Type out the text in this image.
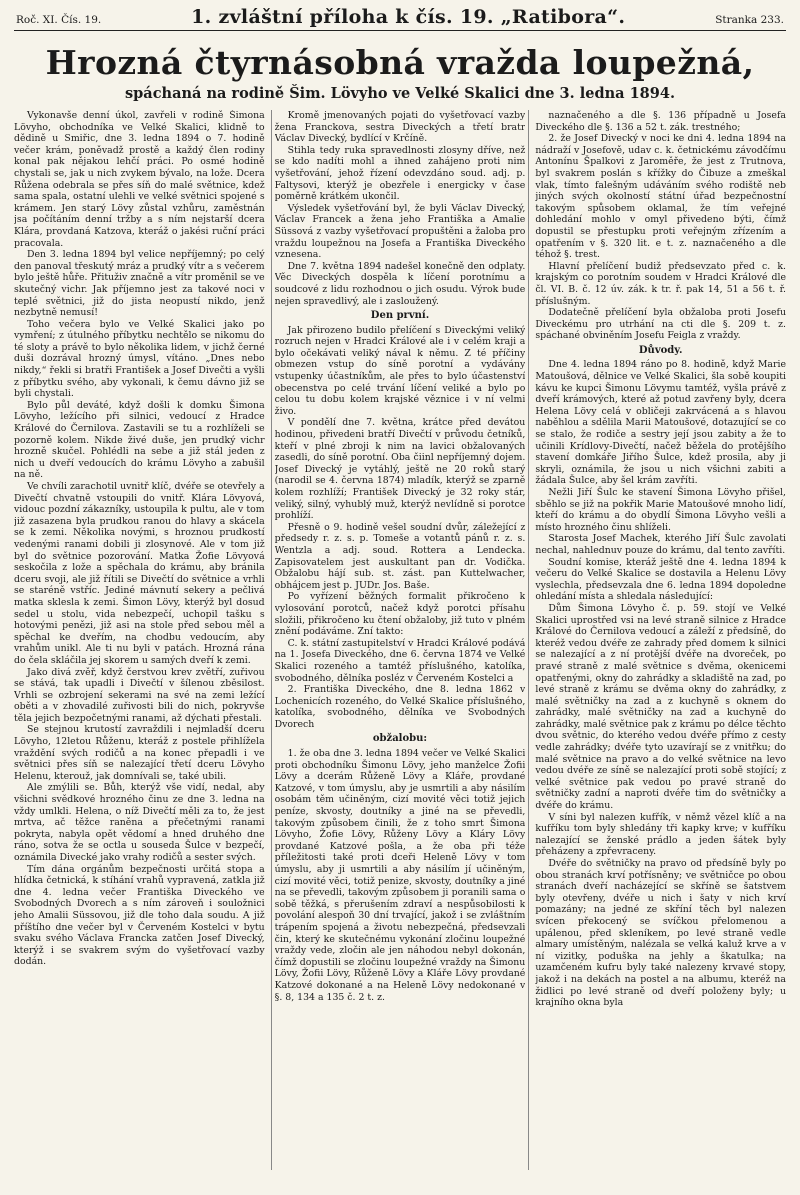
Roč. XI. Čís. 19.	1. zvláštní příloha k čís. 19. „Ratibora“.	Stranka 233.
Hrozná čtyrnásobná vražda loupežná,
spáchaná na rodině Šim. Lövyho ve Velké Skalici dne 3. ledna 1894.

Vykonavše denní úkol, zavřeli v rodině Šimona Lövyho, obchodníka ve Velké Skalici, klidně to dědině u Smiřic, dne 3. ledna 1894 o 7. hodině večer krám, poněvadž prostě a každý člen rodiny konal pak nějakou lehčí práci. Po osmé hodině chystali se, jak u nich zvykem bývalo, na lože. Dcera Růžena odebrala se přes síň do malé světnice, kdež sama spala, ostatní ulehli ve velké světnici spojené s krámem. Jen starý Lövy zůstal vzhůru, zaměstnán jsa počítáním denní tržby a s ním nejstarší dcera Klára, provdaná Katzova, kteráž o jakési ruční práci pracovala.

Den 3. ledna 1894 byl velice nepříjemný; po celý den panoval třeskutý mráz a prudký vítr a s večerem bylo ještě hůře. Přituživ značně a vítr proměnil se ve skutečný vichr. Jak příjemno jest za takové noci v teplé světnici, již do jista neopustí nikdo, jenž nezbytně nemusí!

Toho večera bylo ve Velké Skalici jako po vymření; z útulného příbytku nechtělo se nikomu do té sloty a právě to bylo několika lidem, v jichž černé duši dozrával hrozný úmysl, vítáno. „Dnes nebo nikdy,“ řekli si bratři František a Josef Divečti a vyšli z příbytku svého, aby vykonali, k čemu dávno již se byli chystali.

Bylo půl deváté, když došli k domku Šimona Lövyho, ležícího při silnici, vedoucí z Hradce Králové do Černilova. Zastavili se tu a rozhlíželi se pozorně kolem. Nikde živé duše, jen prudký vichr hrozně skučel. Pohlédli na sebe a již stál jeden z nich u dveří vedoucích do krámu Lövyho a zabušil na ně.

Ve chvíli zarachotil uvnitř klíč, dvéře se otevřely a Divečtí chvatně vstoupili do vnitř. Klára Lövyová, vidouc pozdní zákazníky, ustoupila k pultu, ale v tom již zasazena byla prudkou ranou do hlavy a skácela se k zemi. Několika novými, s hroznou prudkostí vedenými ranami dobili ji zlosynové. Ale v tom již byl do světnice pozorování. Matka Žofie Lövyová seskočila z lože a spěchala do krámu, aby bránila dceru svoji, ale již řítili se Divečtí do světnice a vrhli se staréně vstříc. Jediné mávnutí sekery a pečlivá matka sklesla k zemi. Šimon Lövy, kterýž byl dosud sedel u stolu, vida nebezpečí, uchopil tašku s hotovými penězi, již asi na stole před sebou měl a spěchal ke dveřím, na chodbu vedoucím, aby vrahům unikl. Ale ti nu byli v patách. Hrozná rána do čela skláčila jej skorem u samých dveří k zemi.

Jako divá zvěř, když čerstvou krev zvětří, zuřivou se stává, tak upadli i Divečtí v šílenou zběsilost. Vrhli se ozbrojení sekerami na své na zemi ležící oběti a v zhovadilé zuřivosti bili do nich, pokryvše těla jejich bezpočetnými ranami, až dýchati přestali.

Se stejnou krutostí zavraždili i nejmladší dceru Lövyho, 12letou Růženu, kteráž z postele přihlížela vraždění svých rodičů a na konec přepadli i ve světnici přes síň se nalezající třetí dceru Lövyho Helenu, kterouž, jak domnívali se, také ubili.

Ale zmýlili se. Bůh, kterýž vše vidí, nedal, aby všichni svědkové hrozného činu ze dne 3. ledna na vždy umlkli. Helena, o níž Divečtí měli za to, že jest mrtva, ač těžce raněna a přečetnými ranami pokryta, nabyla opět vědomí a hned druhého dne ráno, sotva že se octla u souseda Šulce v bezpečí, oznámila Divecké jako vrahy rodičů a sester svých.

Tím dána orgánům bezpečnosti určitá stopa a hlídka četnická, k stíhání vrahů vypravená, zatkla již dne 4. ledna večer Františka Diveckého ve Svobodných Dvorech a s ním zároveň i souložnici jeho Amalii Süssovou, již dle toho dala soudu. A již příštího dne večer byl v Červeném Kostelci v bytu svaku svého Václava Francka zatčen Josef Divecký, kterýž i se svakrem svým do vyšetřovací vazby dodán.

Kromě jmenovaných pojati do vyšetřovací vazby žena Franckova, sestra Diveckých a třetí bratr Václav Divecký, bydlící v Krčíně.

Stihla tedy ruka spravedlnosti zlosyny dříve, než se kdo nadíti mohl a ihned zahájeno proti nim vyšetřování, jehož řízení odevzdáno soud. adj. p. Faltysovi, kterýž je obezřele i energicky v čase poměrně krátkém ukončil.

Výsledek vyšetřování byl, že byli Václav Divecký, Václav Francek a žena jeho Františka a Amalie Süssová z vazby vyšetřovací propuštěni a žaloba pro vraždu loupežnou na Josefa a Františka Diveckého vznesena.

Dne 7. května 1894 nadešel konečně den odplaty. Věc Diveckých dospěla k líčení porotnímu a soudcové z lidu rozhodnou o jich osudu. Výrok bude nejen spravedlivý, ale i zasloužený.

Den první.

Jak přirozeno budilo přelíčení s Diveckými veliký rozruch nejen v Hradci Králové ale i v celém kraji a bylo očekávati veliký nával k němu. Z té příčiny obmezen vstup do síně porotní a vydávány vstupenky účastníkům, ale přes to bylo účastenství obecenstva po celé trvání líčení veliké a bylo po celou tu dobu kolem krajské věznice i v ní velmi živo.

V pondělí dne 7. května, krátce před devátou hodinou, přivedeni bratří Divečtí v průvodu četníků, kteří v plné zbroji k nim na lavici obžalovaných zasedli, do síně porotní. Oba čiinl nepříjemný dojem. Josef Divecký je vytáhlý, ještě ne 20 roků starý (narodil se 4. června 1874) mladík, kterýž se zparně kolem rozhlíží; František Divecký je 32 roky stár, veliký, silný, vyhublý muž, kterýž nevlídně si porotce prohlíží.

Přesně o 9. hodině vešel soudní dvůr, záležející z předsedy r. z. s. p. Tomeše a votantů pánů r. z. s. Wentzla a adj. soud. Rottera a Lendecka. Zapisovatelem jest auskultant pan dr. Vodička. Obžalobu hájí sub. st. zást. pan Kuttelwacher, obhájcem jest p. JUDr. Jos. Baše.

Po vyřízení běžných formalit přikročeno k vylosování porotců, načež když porotci přísahu složili, přikročeno ku čtení obžaloby, již tuto v plném znění podáváme. Zní takto:

C. k. státní zastupitelství v Hradci Králové podává na 1. Josefa Diveckého, dne 6. června 1874 ve Velké Skalici rozeného a tamtéž příslušného, katolíka, svobodného, dělníka posléz v Červeném Kostelci a

2. Františka Diveckého, dne 8. ledna 1862 v Lochenicích rozeného, do Velké Skalice příslušného, katolíka, svobodného, dělníka ve Svobodných Dvorech

obžalobu:

1. že oba dne 3. ledna 1894 večer ve Velké Skalici proti obchodníku Šimonu Lövy, jeho manželce Žofii Lövy a dcerám Růženě Lövy a Kláře, provdané Katzové, v tom úmyslu, aby je usmrtili a aby násilím osobám těm učiněným, cizí movité věci totiž jejich peníze, skvosty, doutníky a jiné na se převedli, takovým způsobem činili, že z toho smrt Šimona Lövyho, Žofie Lövy, Růženy Lövy a Kláry Lövy provdané Katzové pošla, a že oba při téže příležitosti také proti dceři Heleně Lövy v tom úmyslu, aby ji usmrtili a aby násilím jí učiněným, cizí movité věci, totiž penize, skvosty, doutníky a jiné na se převedli, takovým způsobem ji poranili sama o sobě těžká, s přerušením zdraví a nespůsobilosti k povolání alespoň 30 dní trvající, jakož i se zvláštním trápením spojená a životu nebezpečná, předsevzali čin, který ke skutečnému vykonání zločinu loupežné vraždy vede, zločin ale jen náhodou nebyl dokonán, čímž dopustili se zločinu loupežné vraždy na Šimonu Lövy, Žofii Lövy, Růženě Lövy a Kláře Lövy provdané Katzové dokonané a na Heleně Lövy nedokonané v §. 8, 134 a 135 č. 2 t. z.

naznačeného a dle §. 136 případně u Josefa Diveckého dle §. 136 a 52 t. zák. trestného;

2. že Josef Divecký v noci ke dni 4. ledna 1894 na nádraží v Josefově, udav c. k. četnickému závodčímu Antonínu Špalkovi z Jaroměře, že jest z Trutnova, byl svakrem poslán s křížky do Čibuze a zmeškal vlak, tímto falešným udáváním svého rodiště neb jiných svých okolností státní úřad bezpečnostní takovým spůsobem oklamal, že tím veřejné dohledání mohlo v omyl přivedeno býti, čímž dopustil se přestupku proti veřejným zřízením a opatřením v §. 320 lit. e t. z. naznačeného a dle téhož §. trest.

Hlavní přelíčení budiž předsevzato před c. k. krajským co porotním soudem v Hradci Králové dle čl. VI. B. č. 12 úv. zák. k tr. ř. pak 14, 51 a 56 t. ř. příslušným.

Dodatečně přelíčení byla obžaloba proti Josefu Diveckému pro utrhání na cti dle §. 209 t. z. spáchané obviněním Josefu Feigla z vraždy.

Důvody.

Dne 4. ledna 1894 ráno po 8. hodině, když Marie Matoušová, dělnice ve Velké Skalici, šla sobě koupiti kávu ke kupci Šimonu Lövymu tamtéž, vyšla právě z dveří krámových, které až potud zavřeny byly, dcera Helena Lövy celá v obličeji zakrvácená a s hlavou naběhlou a sdělila Marii Matoušové, dotazující se co se stalo, že rodiče a sestry její jsou zabity a že to učinili Krídlovy-Divečtí, načež běžela do protějšího stavení domkáře Jiřího Šulce, kdež prosila, aby ji skryli, oznámila, že jsou u nich všichni zabiti a žádala Šulce, aby šel krám zavříti.

Nežli Jiří Šulc ke stavení Šimona Lövyho přišel, sběhlo se již na pokřik Marie Matoušové mnoho lidí, kteří do krámu a do obydlí Šimona Lövyho vešli a místo hrozného činu shlíželi.

Starosta Josef Machek, kterého Jiří Šulc zavolati nechal, nahlednuv pouze do krámu, dal tento zavříti.

Soudní komise, kteráž ještě dne 4. ledna 1894 k večeru do Velké Skalice se dostavila a Helenu Lövy vyslechla, předsevzala dne 6. ledna 1894 dopoledne ohledání místa a shledala následující:

Dům Šimona Lövyho č. p. 59. stojí ve Velké Skalici uprostřed vsi na levé straně silnice z Hradce Králové do Černilova vedoucí a záleží z předsíně, do kteréž vedou dvéře ze zahrady před domem k silnici se nalezající a z ní protější dvéře na dvoreček, po pravé straně z malé světnice s dvěma, okenicemi opatřenými, okny do zahrádky a skladiště na zad, po levé straně z krámu se dvěma okny do zahrádky, z malé světničky na zad a z kuchyně s oknem do zahrádky, malé světničky na zad a kuchyně do zahrádky, malé světnice pak z krámu po délce těchto dvou světnic, do kterého vedou dvéře přímo z cesty vedle zahrádky; dvéře tyto uzavírají se z vnitřku; do malé světnice na pravo a do velké světnice na levo vedou dvéře ze síně se nalezající proti sobě stojící; z velké světnice pak vedou po pravé straně do světničky zadní a naproti dvéře tim do světničky a dvéře do krámu.

V síni byl nalezen kufřík, v němž vězel klíč a na kufříku tom byly shledány tři kapky krve; v kufříku nalezající se ženské prádlo a jeden šátek byly přeházeny a zpřevraceny.

Dvéře do světničky na pravo od předsíně byly po obou stranách krví potřísněny; ve světničce po obou stranách dveří nacházející se skříně se šatstvem byly otevřeny, dvéře u nich i šaty v nich krví pomazány; na jedné ze skříní těch byl nalezen svícen překocený se svíčkou přelomenou a upálenou, před skleníkem, po levé straně vedle almary umístěným, nalézala se velká kaluž krve a v ní vizitky, poduška na jehly a škatulka; na uzamčeném kufru byly také nalezeny krvavé stopy, jakož i na dekách na postel a na albumu, kteréž na židlici po levé straně od dveří položeny byly; u krajního okna byla
